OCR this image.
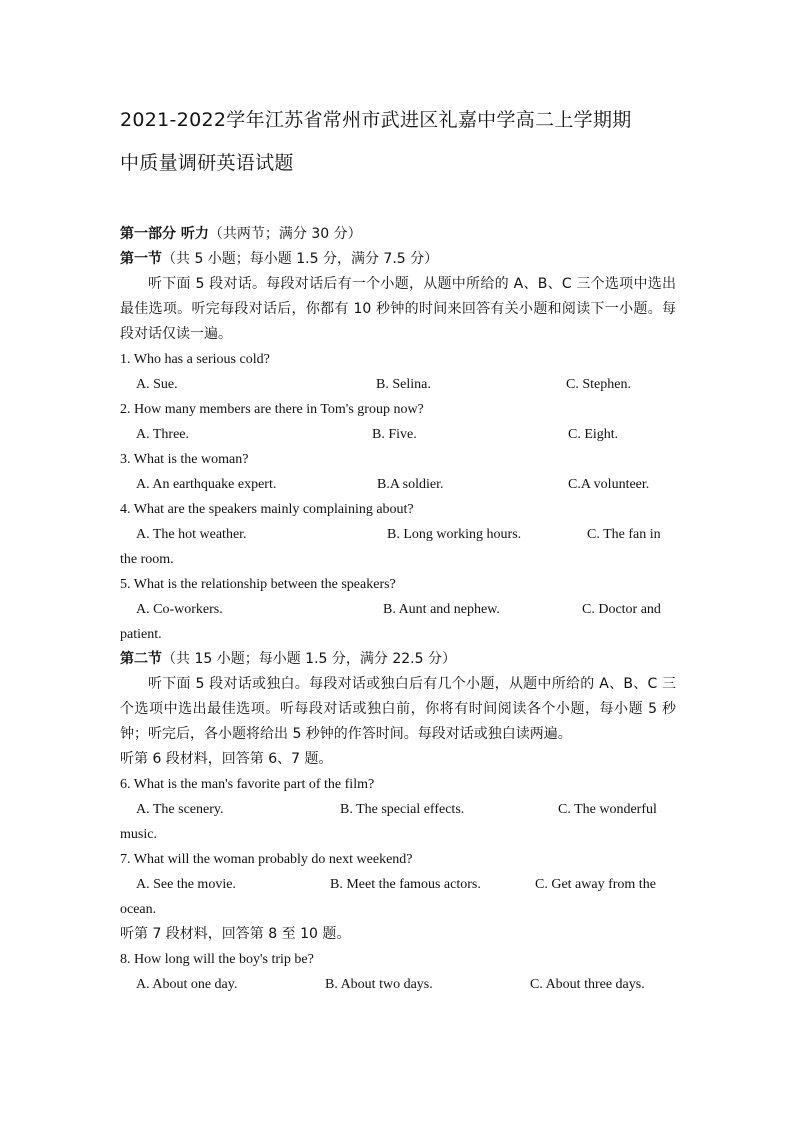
2021-2022学年江苏省常州市武进区礼嘉中学高二上学期期
中质量调研英语试题
第一部分 听力（共两节；满分 30 分）
第一节（共 5 小题；每小题 1.5 分，满分 7.5 分）
听下面 5 段对话。每段对话后有一个小题，从题中所给的 A、B、C 三个选项中选出最佳选项。听完每段对话后，你都有 10 秒钟的时间来回答有关小题和阅读下一小题。每段对话仅读一遍。
1. Who has a serious cold?
A. Sue.	B. Selina.	C. Stephen.
2. How many members are there in Tom's group now?
A. Three.	B. Five.	C. Eight.
3. What is the woman?
A. An earthquake expert.	B.A soldier.	C.A volunteer.
4. What are the speakers mainly complaining about?
A. The hot weather.	B. Long working hours.	C. The fan in
the room.
5. What is the relationship between the speakers?
A. Co-workers.	B. Aunt and nephew.	C. Doctor and
patient.
第二节（共 15 小题；每小题 1.5 分，满分 22.5 分）
听下面 5 段对话或独白。每段对话或独白后有几个小题，从题中所给的 A、B、C 三个选项中选出最佳选项。听每段对话或独白前，你将有时间阅读各个小题，每小题 5 秒钟；听完后，各小题将给出 5 秒钟的作答时间。每段对话或独白读两遍。
听第 6 段材料，回答第 6、7 题。
6. What is the man's favorite part of the film?
A. The scenery.	B. The special effects.	C. The wonderful
music.
7. What will the woman probably do next weekend?
A. See the movie.	B. Meet the famous actors.	C. Get away from the
ocean.
听第 7 段材料，回答第 8 至 10 题。
8. How long will the boy's trip be?
A. About one day.	B. About two days.	C. About three days.
